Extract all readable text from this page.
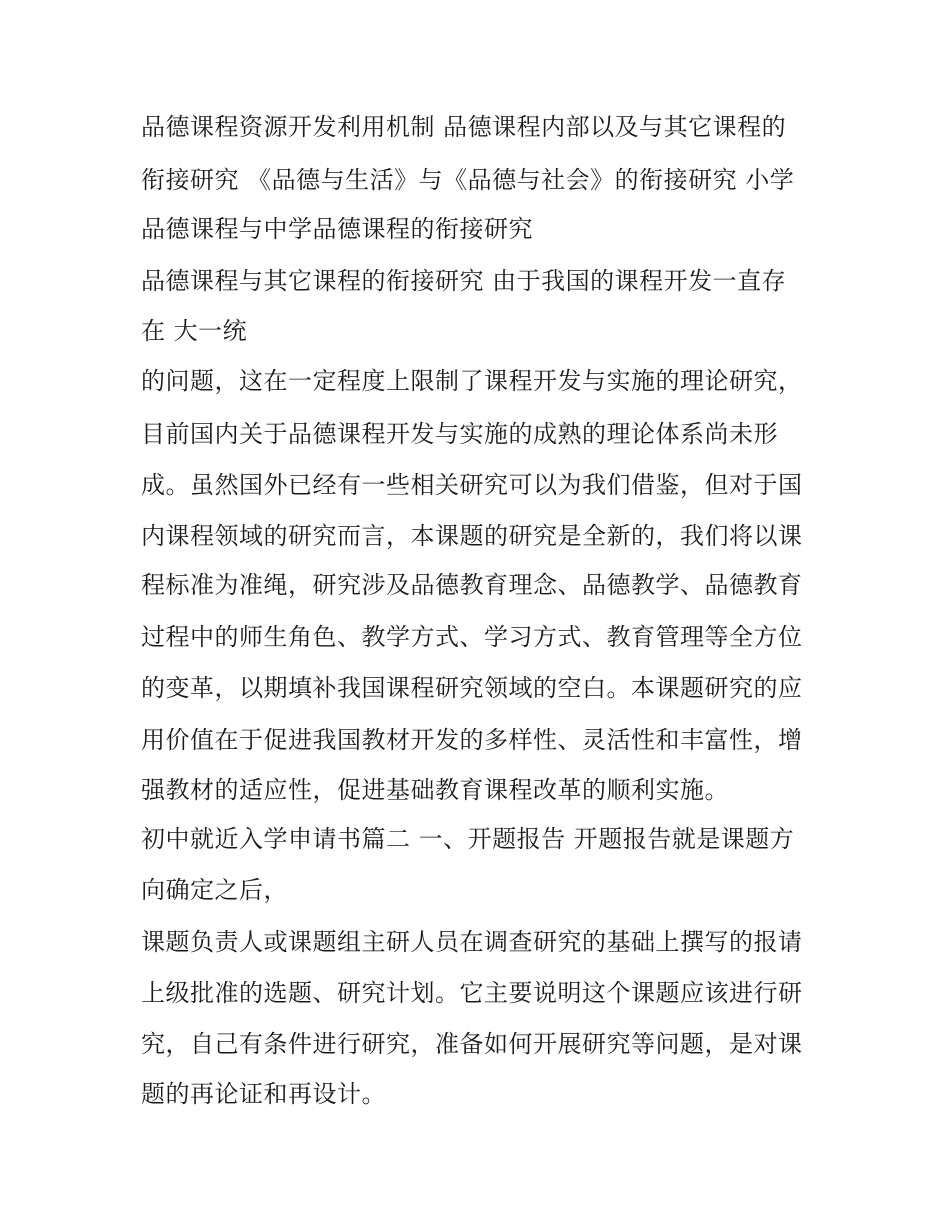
品德课程资源开发利用机制 品德课程内部以及与其它课程的

衔接研究 《品德与生活》与《品德与社会》的衔接研究 小学

品德课程与中学品德课程的衔接研究

品德课程与其它课程的衔接研究 由于我国的课程开发一直存

在 大一统

的问题，这在一定程度上限制了课程开发与实施的理论研究，

目前国内关于品德课程开发与实施的成熟的理论体系尚未形

成。虽然国外已经有一些相关研究可以为我们借鉴，但对于国

内课程领域的研究而言，本课题的研究是全新的，我们将以课

程标准为准绳，研究涉及品德教育理念、品德教学、品德教育

过程中的师生角色、教学方式、学习方式、教育管理等全方位

的变革，以期填补我国课程研究领域的空白。本课题研究的应

用价值在于促进我国教材开发的多样性、灵活性和丰富性，增

强教材的适应性，促进基础教育课程改革的顺利实施。

初中就近入学申请书篇二 一、开题报告 开题报告就是课题方

向确定之后，

课题负责人或课题组主研人员在调查研究的基础上撰写的报请

上级批准的选题、研究计划。它主要说明这个课题应该进行研

究，自己有条件进行研究，准备如何开展研究等问题，是对课

题的再论证和再设计。
